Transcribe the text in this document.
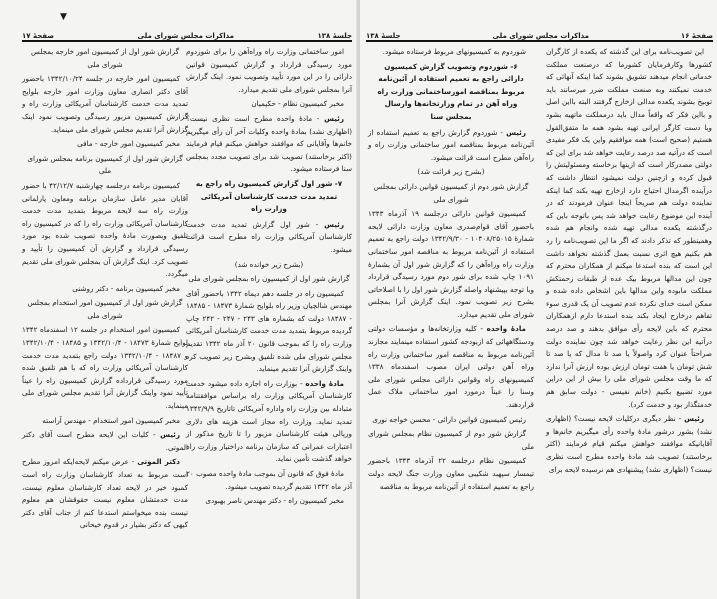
▼
جلسهٔ ۱۳۸
مذاکرات مجلس شورای ملی
صفحهٔ ۱۷

امور ساختمانی وزارت راه وراه‌آهن را برای شوردوم مورد رسیدگی قرارداد و گزارش کمیسیون قوانین دارائی را در این مورد تأیید وتصویب نمود. اینک گزارش آنرا بمجلس شورای ملی تقدیم میدارد.

مخبر کمیسیون نظام - حکیمیان

رئیس - مادهٔ واحده مطرح است نظری نیست؟ (اظهاری نشد) بمادهٔ واحده وکلیات آخر آن رأی میگیریم خانم‌ها وآقایانی که موافقند خواهش میکنم قیام فرمایند (اکثر برخاستند) تصویب شد برای تصویب مجدد بمجلس سنا فرستاده میشود.

۷- شور اول گزارش کمیسیون راه راجع به تمدید مدت خدمت کارشناسان آمریکائی وزارت راه

رئیس - شور اول گزارش تمدید مدت خدمت کارشناسان آمریکائی وزارت راه مطرح است قرائت میشود.

(بشرح زیر خوانده شد)

گزارش شور اول از کمیسیون راه بمجلس شورای ملی

کمیسیون راه در جلسه دهم دیماه ۱۳۴۲ باحضور آقای مهندس شالچیان وزیر راه بلوایح شمارهٔ ۱۸۴۷۳ - ۱۸۴۸۵ - ۱۸۴۸۷ دولت که بشماره های ۲۴۳ - ۲۴۷ - ۲۴۲ چاپ گردیده مربوط بتمدید مدت خدمت کارشناسان آمریکائی وزارت راه را که بموجب قانون ۲۰ آذر ماه ۱۳۴۲ تقدیم مجلس شورای ملی شده تلفیق وبشرح زیر تصویب کرد واینک گزارش آنرا تقدیم مینماید.

مادهٔ واحده - بوزارت راه اجازه داده میشود خدمت کارشناسان آمریکائی وزارت راه براساس موافقتنامه متبادله بین وزارت راه واداره آمریکائی تاتاریخ ۱۳۴۲/۹/۹ تمدید نماید. وزارت راه مجاز است هزینه های دلاری وریالی هیئت کارشناسان مزبور را تا تاریخ مذکور از اعتبارات عمرانی که سازمان برنامه دراختیار وزارت راه خواهد گذشت تأمین نماید.

مادهٔ فوق که قانون آن بموجب مادهٔ واحده مصوب ۲۰ آذر ماه ۱۳۴۲ تقدیم گردیده تصویب میشود.

مخبر کمیسیون راه - دکتر مهندس ناصر بهبودی

گزارش شور اول از کمیسیون امور خارجه بمجلس شورای ملی

کمیسیون امور خارجه در جلسه ۱۳۴۲/۱۰/۲۴ باحضور آقای دکتر انصاری معاون وزارت امور خارجه بلوایح تمدید مدت خدمت کارشناسان آمریکائی وزارت راه و گزارش کمیسیون مزبور رسیدگی وتصویب نمود اینک گزارش آنرا تقدیم مجلس شورای ملی مینماید.

مخبر کمیسیون امور خارجه - مافی

گزارش شور اول از کمیسیون برنامه بمجلس شورای ملی

کمیسیون برنامه درجلسه چهارشنبه ۴۲/۱۲/۷ با حضور آقایان مدیر عامل سازمان برنامه ومعاون پارلمانی وزارت راه سه لایحه مربوط بتمدید مدت خدمت کارشناسان آمریکائی وزارت راه را که در کمیسیون راه تلفیق وبصورت مادهٔ واحده تصویب شده بود مورد رسیدگی قرارداد و گزارش آن کمیسیون را تأیید و تصویب کرد. اینک گزارش آن بمجلس شورای ملی تقدیم میگردد.

مخبر کمیسیون برنامه - دکتر روشنی

گزارش شور اول از کمیسیون امور استخدام بمجلس شورای ملی

کمیسیون امور استخدام در جلسه ۱۲ اسفندماه ۱۳۴۲ لوایح شمارهٔ ۱۸۴۷۳ - ۱۳۴۲/۱۰/۴ و ۱۸۴۸۵ - ۱۳۴۲/۱۰/۴ و ۱۸۴۸۷ - ۱۳۴۲/۱۰/۴ دولت راجع بتمدید مدت خدمت کارشناسان آمریکائی وزارت راه که با هم تلفیق شده مورد رسیدگی قرارداده گزارش کمیسیون راه را عیناً تأیید نمود واینک گزارش آنرا تقدیم مجلس شورای ملی مینماید.

مخبر کمیسیون امور استخدام - مهندس آراسته

رئیس - کلیات این لایحه مطرح است آقای دکتر الموتی.

دکتر الموتی - عرض میکنم لایحه‌ایکه امروز مطرح است مربوط به تعداد کارشناسان وزارت راه است کمبود خیر در لایحه تعداد کارشناسان معلوم نیست، مدت خدمتشان معلوم نیست حقوقشان هم معلوم نیست بنده میخواستم استدعا کنم از جناب آقای دکتر کیهی که دکتر بشیار در قدوم خیحانی

صفحهٔ ۱۶
مذاکرات مجلس شورای ملی
جلسهٔ ۱۳۸

این تصویب‌نامه برای این گذشته که یکعده از کارگران کشورها وکارفرمایان کشورما که درصنعت مملکت خدماتی انجام میدهند تشویق بشوند کما اینکه آنهائی که خدمت نمیکنند وبه صنعت مملکت ضرر میرسانند باید توبیخ بشوند یکعده مدالی ازخارج گرفتند البته بااین اصل و بااین فکر که واقعاً مدال باید درمملکت ماتهیه بشود وبا دست کارگر ایرانی تهیه بشود همه ما متفق‌القول هستیم (صحیح است) همه موافقیم واین یک فکر مفیدی است که درآتیه صد درصد رعایت خواهد شد برای این که دولتی مصدرکار است که ازینها برخاسته ومسئولیتش را قبول کرده و ازچنین دولت نمیشود انتظار داشت که درآینده اگرمدال احتیاج دارد ازخارج تهیه بکند کما اینکه نماینده دولت هم صریحاً اینجا عنوان فرمودند که در آینده این موضوع رعایت خواهد شد پس باتوجه باین که درگذشته یکعده مدالی تهیه شده وانجام هم شده وهمینطور که تذکر دادند که اگر ما این تصویب‌نامه را رد هم بکنیم هیچ اثری نسبت بعمل گذشته نخواهد داشت این است که بنده استدعا میکنم از همکاران محترم که چون این مدالها مربوط بیک عده از طبقات زحمتکش مملکت مابوده واین مدالها باین اشخاص داده شده و ممکن است خدای نکرده عدم تصویب آن یک قدری سوء تفاهم درخارج ایجاد بکند بنده استدعا دارم ازهمکاران محترم که باین لایحه رأی موافق بدهند و صد درصد درآتیه این نظر رعایت خواهد شد چون نماینده دولت صراحتاً عنوان کرد واصولاً یا صد تا مدال که یا صد تا شش تومان یا هفت تومان ارزش بوده ارزش آنرا ندارد که ما وقت مجلس شورای ملی را بیش از این دراین مورد تضییع بکنیم (خانم نفیسی - دولت سابق هم خدمتگذار بود و خدمت کرد).

رئیس - نظر دیگری درکلیات لایحه نیست؟ (اظهاری نشد) بشور درشور مادهٔ واحده رأی میگیریم خانم‌ها و آقایانیکه موافقند خواهش میکنم قیام فرمایند (اکثر برخاستند) تصویب شد مادهٔ واحده مطرح است نظری نیست؟ (اظهاری نشد) پیشنهادی هم نرسیده لایحه برای

شوردوم به کمیسیونهای مربوط فرستاده میشود.

۶- شوردوم وتصویب گزارش کمیسیون دارائی راجع به تعمیم استفاده از آئین‌نامه مربوط بمناقصه امورساختمانی وزارت راه وراه آهن در تمام وزارتخانه‌ها وارسال بمجلس سنا

رئیس - شوردوم گزارش راجع به تعمیم استفاده از آئین‌نامه مربوط بمناقصه امور ساختمانی وزارت راه و راه‌آهن مطرح است قرائت میشود.

(بشرح زیر قرائت شد)

گزارش شور دوم از کمیسیون قوانین دارائی بمجلس شورای ملی

کمیسیون قوانین دارائی درجلسه ۱۹ آذرماه ۱۳۴۳ باحضور آقای قوام‌صدری معاون وزارت دارائی لایحه شمارهٔ ۱۰۴۰۸/۲۵۰۱۵ - ۱۳۴۲/۹/۳۰ دولت راجع به تعمیم استفاده از آئین‌نامه مربوط به مناقصه امور ساختمانی وزارت راه وراه‌آهن را که گزارش شور اول آن بشمارهٔ ۱۰۹۱ چاپ شده برای شور دوم مورد رسیدگی قرارداد وبا توجه بپیشنهاد واصله گزارش شور اول را با اصلاحاتی بشرح زیر تصویب نمود. اینک گزارش آنرا بمجلس شورای ملی تقدیم میدارد.

مادهٔ واحده - کلیه وزارتخانه‌ها و مؤسسات دولتی ودستگاههائی که ازبودجه کشور استفاده مینمایند مجازند آئین‌نامه مربوط به مناقصه امور ساختمانی وزارت راه وراه آهن دولتی ایران مصوب اسفندماه ۱۳۳۸ کمیسیونهای راه وقوانین دارائی مجلس شورای ملی وسنا را عیناً درمورد امور ساختمانی ملاک عمل قراردهند.

رئیس کمیسیون قوانین دارائی - محسن خواجه نوری

گزارش شور دوم از کمیسیون نظام بمجلس شورای ملی

کمیسیون نظام درجلسه ۲۲ آذرماه ۱۳۴۳ باحضور تیمسار سپهبد شکیبی معاون وزارت جنگ لایحه دولت راجع به تعمیم استفاده از آئین‌نامه مربوط به مناقصه
